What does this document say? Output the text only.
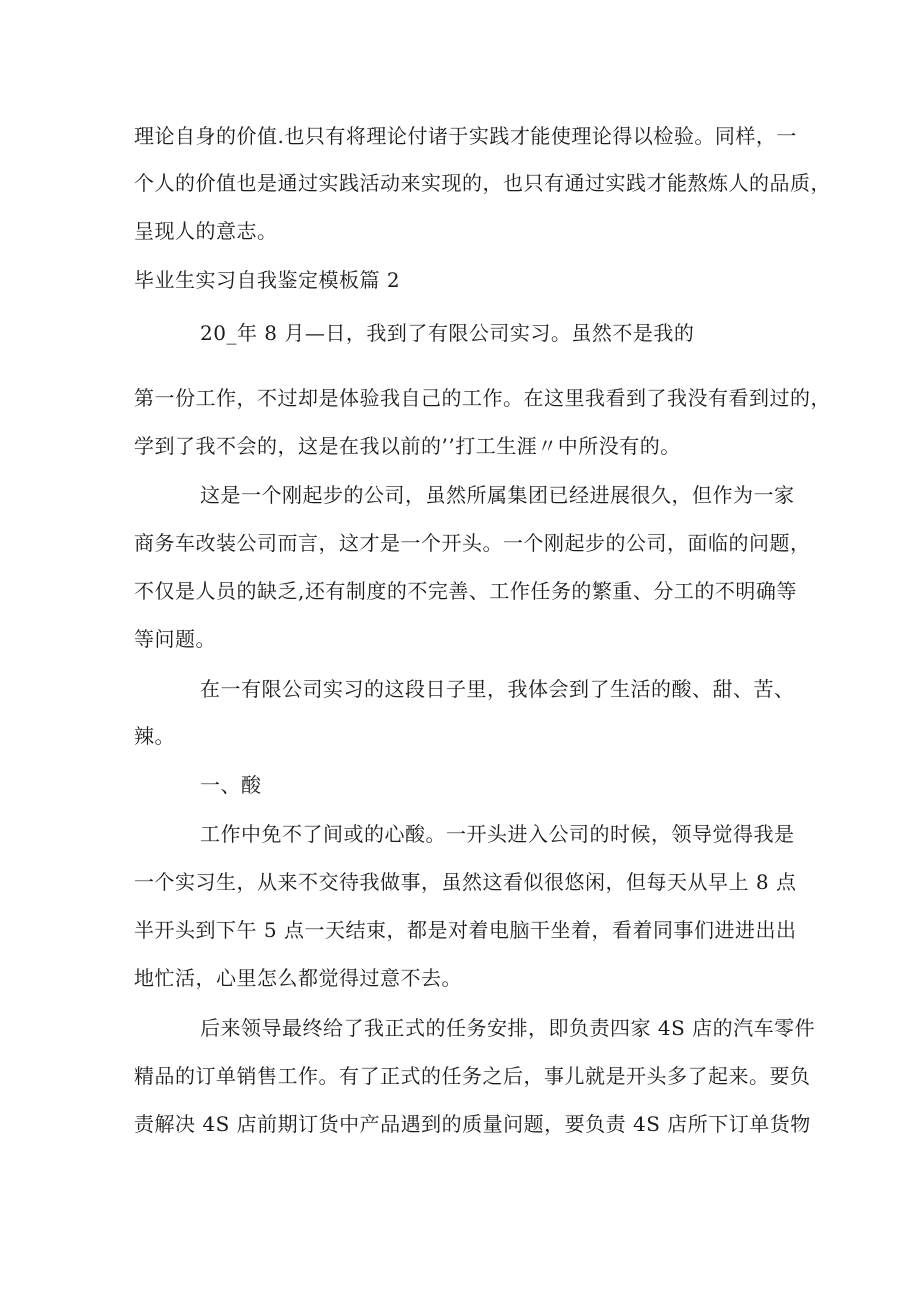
理论自身的价值.也只有将理论付诸于实践才能使理论得以检验。同样，一
个人的价值也是通过实践活动来实现的，也只有通过实践才能熬炼人的品质，
呈现人的意志。
毕业生实习自我鉴定模板篇 2
20_年 8 月—日，我到了有限公司实习。虽然不是我的
第一份工作，不过却是体验我自己的工作。在这里我看到了我没有看到过的，
学到了我不会的，这是在我以前的’’打工生涯〃中所没有的。
这是一个刚起步的公司，虽然所属集团已经进展很久，但作为一家
商务车改装公司而言，这才是一个开头。一个刚起步的公司，面临的问题，
不仅是人员的缺乏,还有制度的不完善、工作任务的繁重、分工的不明确等
等问题。
在一有限公司实习的这段日子里，我体会到了生活的酸、甜、苦、
辣。
一、酸
工作中免不了间或的心酸。一开头进入公司的时候，领导觉得我是
一个实习生，从来不交待我做事，虽然这看似很悠闲，但每天从早上 8 点
半开头到下午 5 点一天结束，都是对着电脑干坐着，看着同事们进进出出
地忙活，心里怎么都觉得过意不去。
后来领导最终给了我正式的任务安排，即负责四家 4S 店的汽车零件
精品的订单销售工作。有了正式的任务之后，事儿就是开头多了起来。要负
责解决 4S 店前期订货中产品遇到的质量问题，要负责 4S 店所下订单货物
